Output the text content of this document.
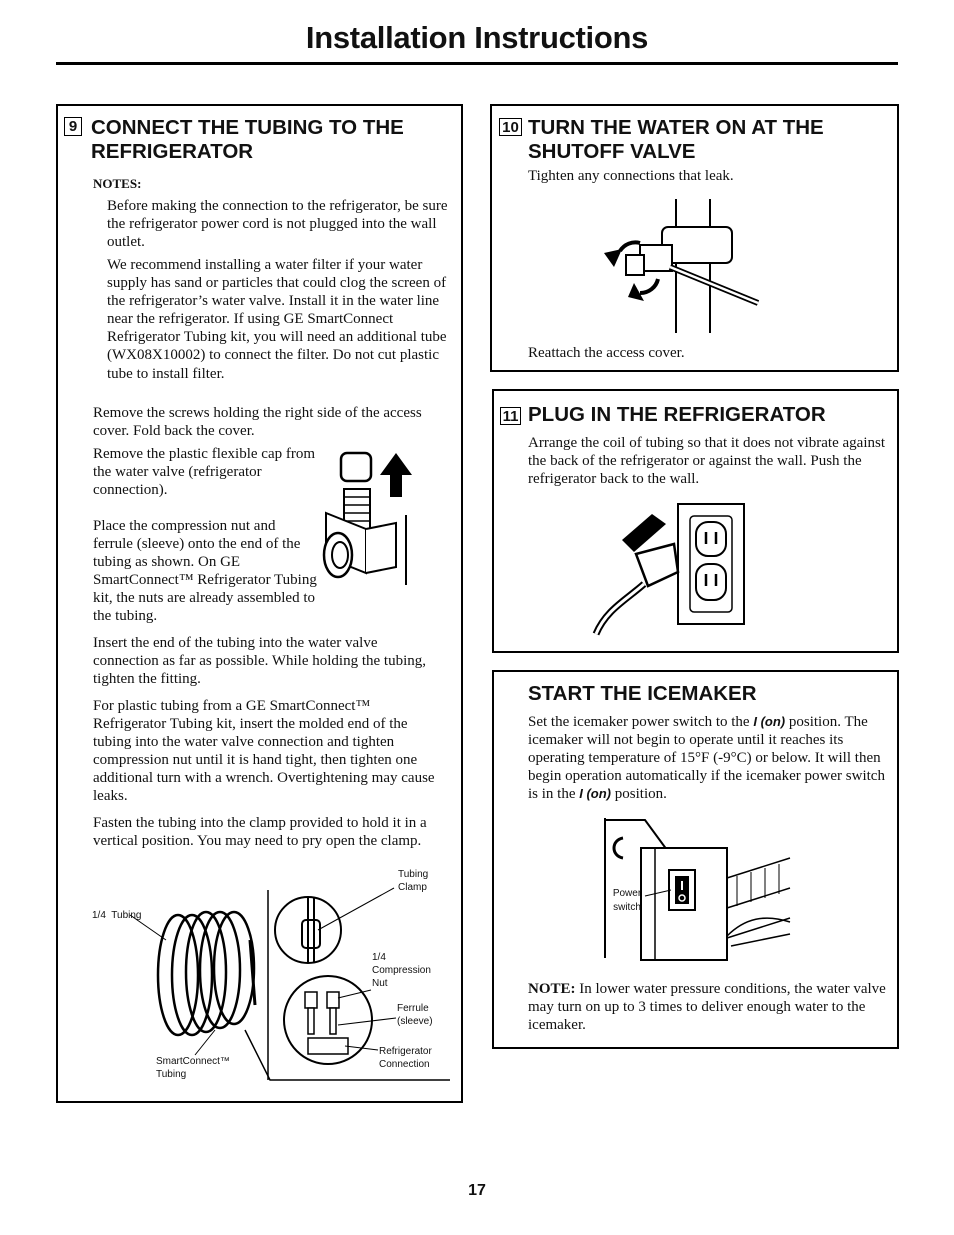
Installation Instructions
9 CONNECT THE TUBING TO THE REFRIGERATOR
NOTES:

Before making the connection to the refrigerator, be sure the refrigerator power cord is not plugged into the wall outlet.

We recommend installing a water filter if your water supply has sand or particles that could clog the screen of the refrigerator’s water valve. Install it in the water line near the refrigerator. If using GE SmartConnect Refrigerator Tubing kit, you will need an additional tube (WX08X10002) to connect the filter. Do not cut plastic tube to install filter.

Remove the screws holding the right side of the access cover. Fold back the cover.

Remove the plastic flexible cap from the water valve (refrigerator connection).

Place the compression nut and ferrule (sleeve) onto the end of the tubing as shown. On GE SmartConnect™ Refrigerator Tubing kit, the nuts are already assembled to the tubing.

Insert the end of the tubing into the water valve connection as far as possible. While holding the tubing, tighten the fitting.

For plastic tubing from a GE SmartConnect™ Refrigerator Tubing kit, insert the molded end of the tubing into the water valve connection and tighten compression nut until it is hand tight, then tighten one additional turn with a wrench. Overtightening may cause leaks.

Fasten the tubing into the clamp provided to hold it in a vertical position. You may need to pry open the clamp.

Tubing Clamp
1/4  Tubing
1/4 Compression Nut
Ferrule (sleeve)
Refrigerator Connection
SmartConnect™ Tubing
10 TURN THE WATER ON AT THE SHUTOFF VALVE

Tighten any connections that leak.

Reattach the access cover.

11 PLUG IN THE REFRIGERATOR

Arrange the coil of tubing so that it does not vibrate against the back of the refrigerator or against the wall. Push the refrigerator back to the wall.

START THE ICEMAKER

Set the icemaker power switch to the I (on) position. The icemaker will not begin to operate until it reaches its operating temperature of 15°F (-9°C) or below. It will then begin operation automatically if the icemaker power switch is in the I (on) position.

Power switch

NOTE: In lower water pressure conditions, the water valve may turn on up to 3 times to deliver enough water to the icemaker.

17
